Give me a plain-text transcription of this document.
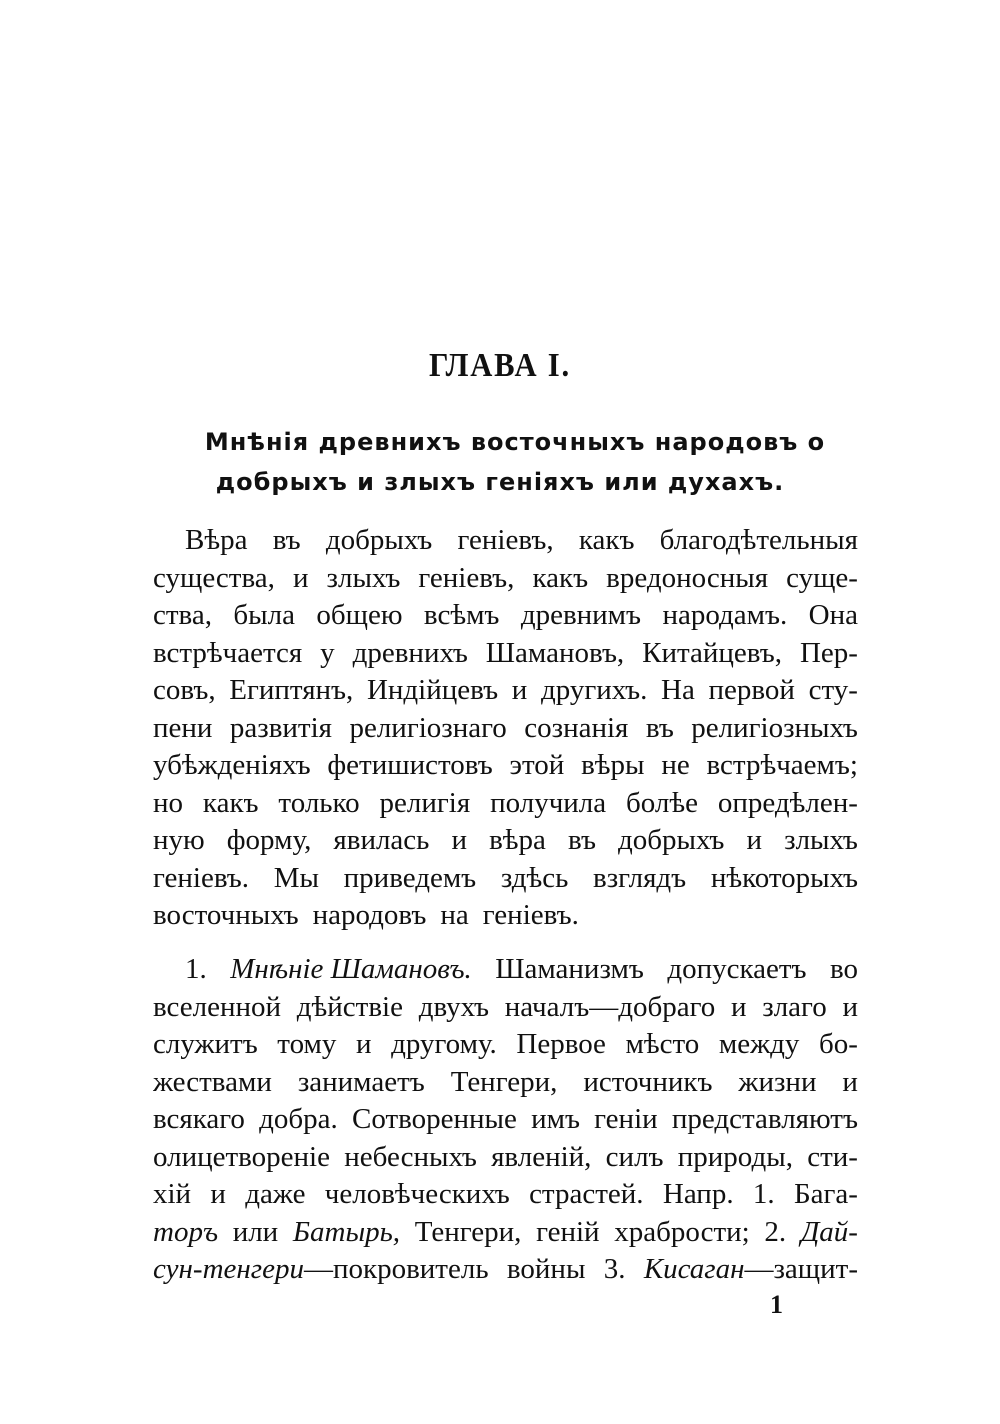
ГЛАВА I.
Мнѣнія древнихъ восточныхъ народовъ о
добрыхъ и злыхъ геніяхъ или духахъ.
Вѣра въ добрыхъ геніевъ, какъ благодѣтельныя
существа, и злыхъ геніевъ, какъ вредоносныя суще-
ства, была общею всѣмъ древнимъ народамъ. Она
встрѣчается у древнихъ Шамановъ, Китайцевъ, Пер-
совъ, Египтянъ, Индійцевъ и другихъ. На первой сту-
пени развитія религіознаго сознанія въ религіозныхъ
убѣжденіяхъ фетишистовъ этой вѣры не встрѣчаемъ;
но какъ только религія получила болѣе опредѣлен-
ную форму, явилась и вѣра въ добрыхъ и злыхъ
геніевъ. Мы приведемъ здѣсь взглядъ нѣкоторыхъ
восточныхъ народовъ на геніевъ.
1. Мнѣніе Шамановъ. Шаманизмъ допускаетъ во
вселенной дѣйствіе двухъ началъ—добраго и злаго и
служитъ тому и другому. Первое мѣсто между бо-
жествами занимаетъ Тенгери, источникъ жизни и
всякаго добра. Сотворенные имъ геніи представляютъ
олицетвореніе небесныхъ явленій, силъ природы, сти-
хій и даже человѣческихъ страстей. Напр. 1. Бага-
торъ или Батырь, Тенгери, геній храбрости; 2. Дай-
сун-тенгери —покровитель войны 3. Кисаган —защит-
1
